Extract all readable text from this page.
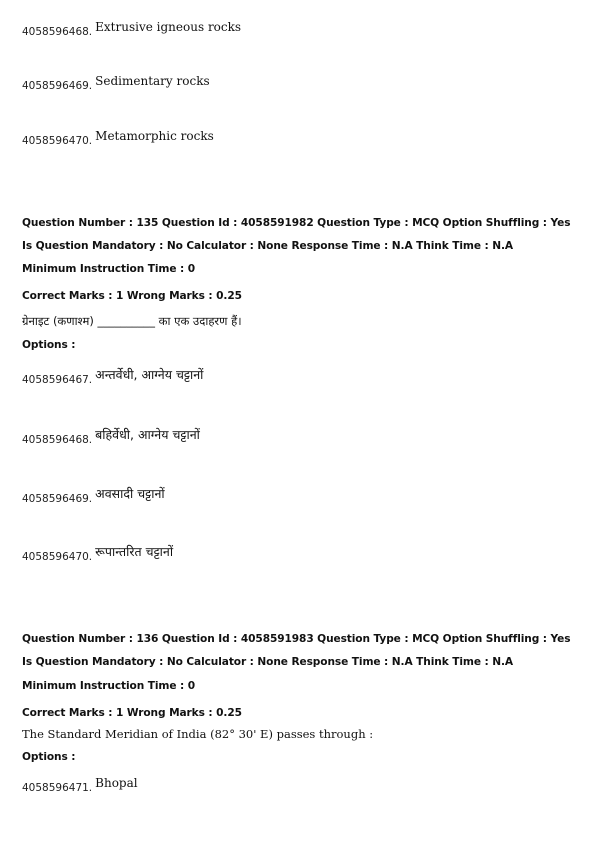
4058596468. Extrusive igneous rocks
4058596469. Sedimentary rocks
4058596470. Metamorphic rocks
Question Number : 135 Question Id : 4058591982 Question Type : MCQ Option Shuffling : Yes
Is Question Mandatory : No Calculator : None Response Time : N.A Think Time : N.A
Minimum Instruction Time : 0
Correct Marks : 1 Wrong Marks : 0.25
ग्रेनाइट (कणाश्म) __________ का एक उदाहरण हैं।
Options :
4058596467. अन्तर्वेधी, आग्नेय चट्टानों
4058596468. बहिर्वेधी, आग्नेय चट्टानों
4058596469. अवसादी चट्टानों
4058596470. रूपान्तरित चट्टानों
Question Number : 136 Question Id : 4058591983 Question Type : MCQ Option Shuffling : Yes
Is Question Mandatory : No Calculator : None Response Time : N.A Think Time : N.A
Minimum Instruction Time : 0
Correct Marks : 1 Wrong Marks : 0.25
The Standard Meridian of India (82° 30' E) passes through :
Options :
4058596471. Bhopal
